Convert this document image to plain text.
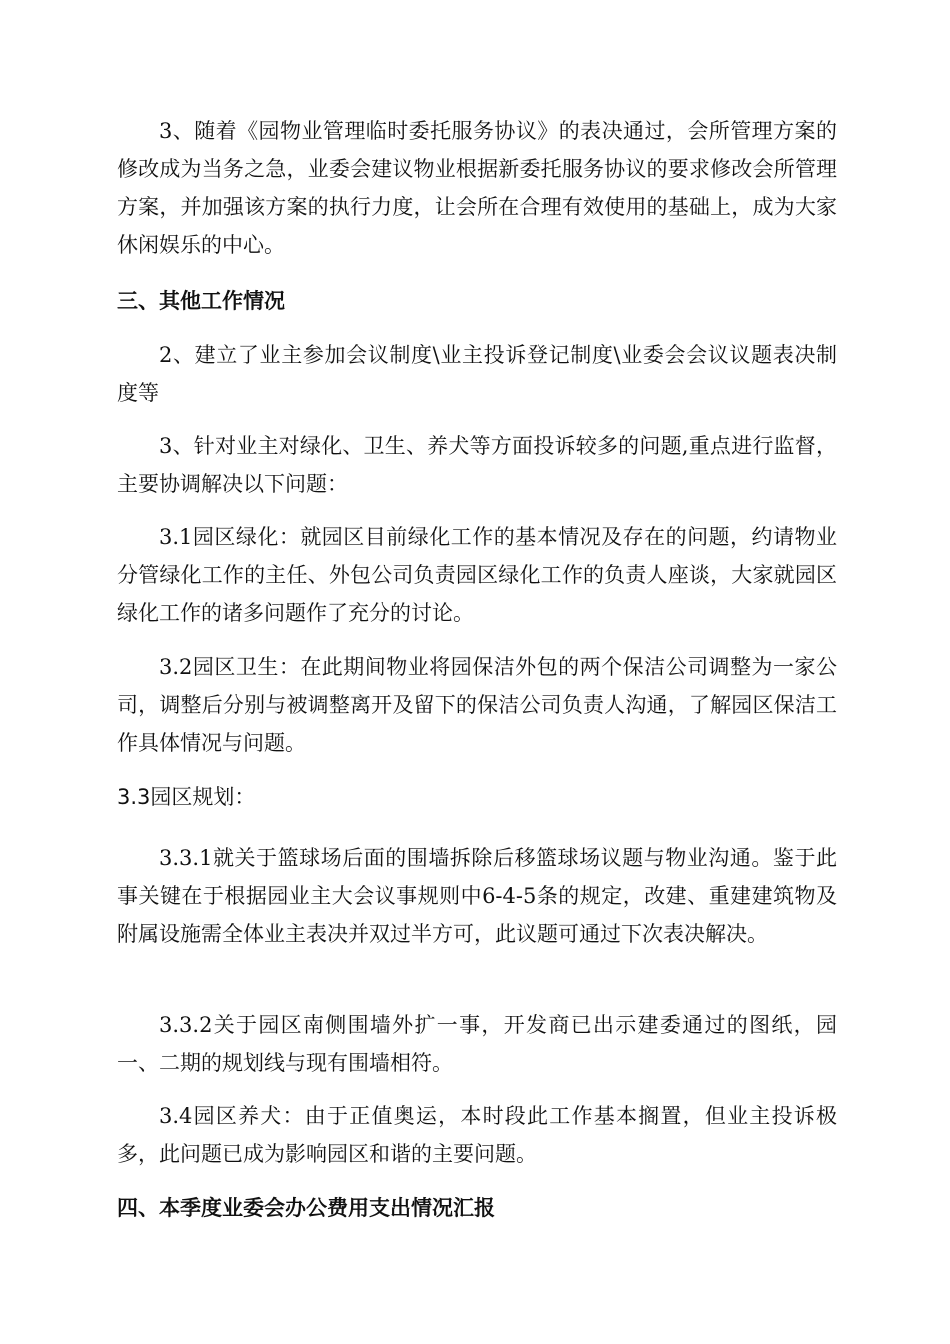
3、随着《园物业管理临时委托服务协议》的表决通过，会所管理方案的修改成为当务之急，业委会建议物业根据新委托服务协议的要求修改会所管理方案，并加强该方案的执行力度，让会所在合理有效使用的基础上，成为大家休闲娱乐的中心。

三、其他工作情况

2、建立了业主参加会议制度\业主投诉登记制度\业委会会议议题表决制度等

3、针对业主对绿化、卫生、养犬等方面投诉较多的问题,重点进行监督，主要协调解决以下问题：

3.1园区绿化：就园区目前绿化工作的基本情况及存在的问题，约请物业分管绿化工作的主任、外包公司负责园区绿化工作的负责人座谈，大家就园区绿化工作的诸多问题作了充分的讨论。

3.2园区卫生：在此期间物业将园保洁外包的两个保洁公司调整为一家公司，调整后分别与被调整离开及留下的保洁公司负责人沟通，了解园区保洁工作具体情况与问题。

3.3园区规划：

3.3.1就关于篮球场后面的围墙拆除后移篮球场议题与物业沟通。鉴于此事关键在于根据园业主大会议事规则中6-4-5条的规定，改建、重建建筑物及附属设施需全体业主表决并双过半方可，此议题可通过下次表决解决。

3.3.2关于园区南侧围墙外扩一事，开发商已出示建委通过的图纸，园一、二期的规划线与现有围墙相符。

3.4园区养犬：由于正值奥运，本时段此工作基本搁置，但业主投诉极多，此问题已成为影响园区和谐的主要问题。

四、本季度业委会办公费用支出情况汇报
